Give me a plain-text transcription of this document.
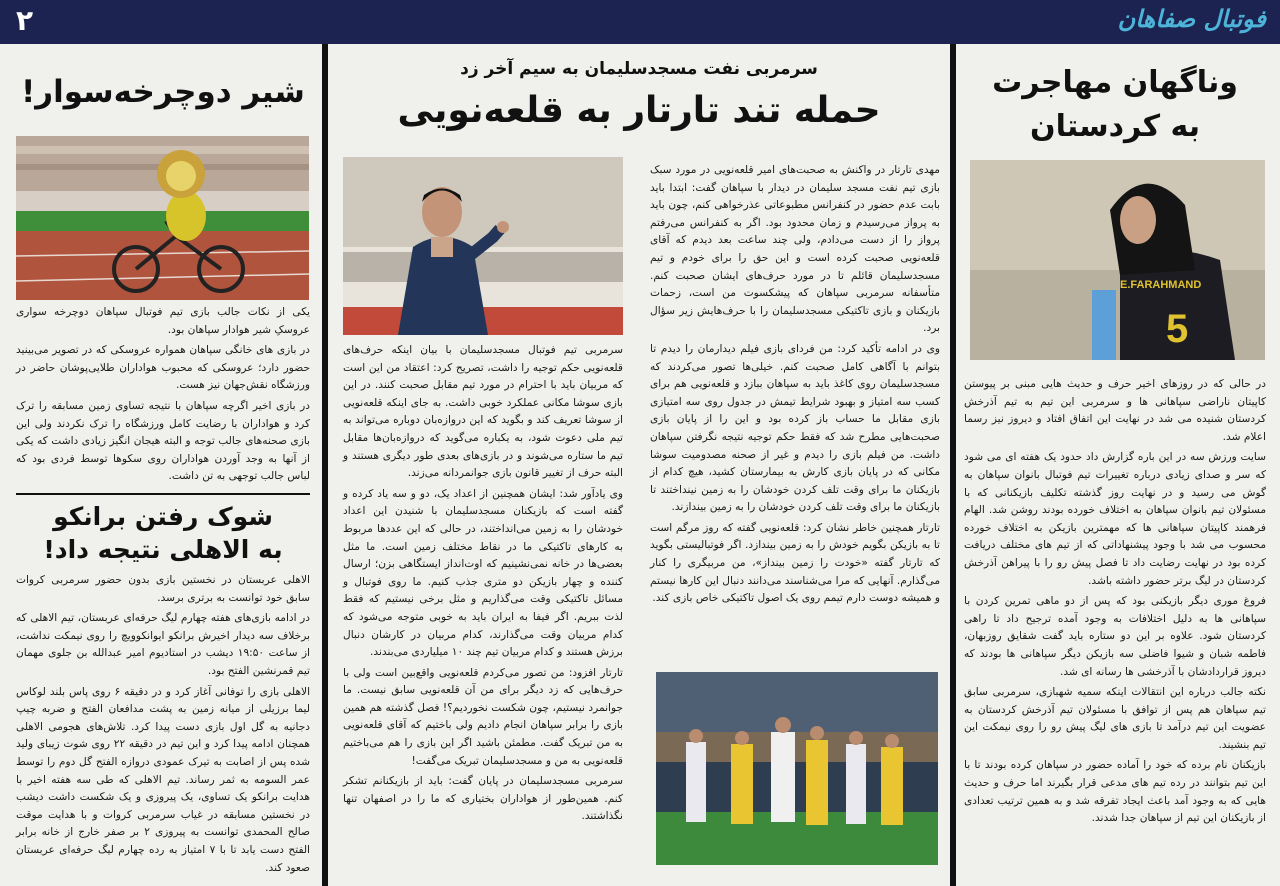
فوتبال صفاهان
۲
شیر دوچرخه‌سوار!

یکی از نکات جالب بازی تیم فوتبال سپاهان دوچرخه سواری عروسکِ شیر هوادار سپاهان بود.

در بازی های خانگی سپاهان همواره عروسکی که در تصویر می‌بینید حضور دارد؛ عروسکی که محبوب هواداران طلایی‌پوشان حاضر در ورزشگاه نقش‌جهان نیز هست.

در بازی اخیر اگرچه سپاهان با نتیجه تساوی زمین مسابقه را ترک کرد و هواداران با رضایت کامل ورزشگاه را ترک نکردند ولی این بازی صحنه‌های جالب توجه و البته هیجان انگیز زیادی داشت که یکی از آنها به وجد آوردن هواداران روی سکوها توسط فردی بود که لباس جالب توجهی به تن داشت.

شوک رفتن برانکو به الاهلی نتیجه داد!

الاهلی عربستان در نخستین بازی بدون حضور سرمربی کروات سابق خود توانست به برتری برسد.

در ادامه بازی‌های هفته چهارم لیگ حرفه‌ای عربستان، تیم الاهلی که برخلاف سه دیدار اخیرش برانکو ایوانکوویچ را روی نیمکت نداشت، از ساعت ۱۹:۵۰ دیشب در استادیوم امیر عبدالله بن جلوی مهمان تیم قمرنشین الفتح بود.

الاهلی بازی را توفانی آغاز کرد و در دقیقه ۶ روی پاس بلند لوکاس لیما برزیلی از میانه زمین به پشت مدافعان الفتح و ضربه چیپ دجانیه به گل اول بازی دست پیدا کرد. تلاش‌های هجومی الاهلی همچنان ادامه پیدا کرد و این تیم در دقیقه ۲۲ روی شوت زیبای ولید شده پس از اصابت به تیرک عمودی دروازه الفتح گل دوم را توسط عمر السومه به ثمر رساند. تیم الاهلی که طی سه هفته اخیر با هدایت برانکو یک تساوی، یک پیروزی و یک شکست داشت دیشب در نخستین مسابقه در غیاب سرمربی کروات و با هدایت موقت صالح المحمدی توانست به پیروزی ۲ بر صفر خارج از خانه برابر الفتح دست یابد تا با ۷ امتیاز به رده چهارم لیگ حرفه‌ای عربستان صعود کند.

سرمربی نفت مسجدسلیمان به سیم آخر زد
حمله تند تارتار به قلعه‌نویی

مهدی تارتار در واکنش به صحبت‌های امیر قلعه‌نویی در مورد سبک بازی تیم نفت مسجد سلیمان در دیدار با سپاهان گفت: ابتدا باید بابت عدم حضور در کنفرانس مطبوعاتی عذرخواهی کنم، چون باید به پرواز می‌رسیدم و زمان محدود بود. اگر به کنفرانس می‌رفتم پرواز را از دست می‌دادم، ولی چند ساعت بعد دیدم که آقای قلعه‌نویی صحبت کرده است و این حق را برای خودم و تیم مسجدسلیمان قائلم تا در مورد حرف‌های ایشان صحبت کنم. متأسفانه سرمربی سپاهان که پیشکسوت من است، زحمات بازیکنان و بازی تاکتیکی مسجدسلیمان را با حرف‌هایش زیر سؤال برد.

وی در ادامه تأکید کرد: من فردای بازی فیلم دیدارمان را دیدم تا بتوانم با آگاهی کامل صحبت کنم. خیلی‌ها تصور می‌کردند که مسجدسلیمان روی کاغذ باید به سپاهان ببازد و قلعه‌نویی هم برای کسب سه امتیاز و بهبود شرایط تیمش در جدول روی سه امتیازی بازی مقابل ما حساب باز کرده بود و این را از پایان بازی صحبت‌هایی مطرح شد که فقط حکم توجیه نتیجه نگرفتن سپاهان داشت. من فیلم بازی را دیدم و غیر از صحنه مصدومیت سوشا مکانی که در پایان بازی کارش به بیمارستان کشید، هیچ کدام از بازیکنان ما برای وقت تلف کردن خودشان را به زمین نینداختند تا بازیکنان ما برای وقت تلف کردن خودشان را به زمین بیندازند.

تارتار همچنین خاطر نشان کرد: قلعه‌نویی گفته که روز مرگم است تا به بازیکن بگویم خودش را به زمین بیندازد. اگر فوتبالیستی بگوید که تارتار گفته «خودت را زمین بینداز»، من مربیگری را کنار می‌گذارم. آنهایی که مرا می‌شناسند می‌دانند دنبال این کارها نیستم و همیشه دوست دارم تیمم روی یک اصول تاکتیکی خاص بازی کند.

سرمربی تیم فوتبال مسجدسلیمان با بیان اینکه حرف‌های قلعه‌نویی حکم توجیه را داشت، تصریح کرد: اعتقاد من این است که مربیان باید با احترام در مورد تیم مقابل صحبت کنند. در این بازی سوشا مکانی عملکرد خوبی داشت. به جای اینکه قلعه‌نویی از سوشا تعریف کند و بگوید که این دروازه‌بان دوباره می‌تواند به تیم ملی دعوت شود، به یکباره می‌گوید که دروازه‌بان‌ها مقابل تیم ما ستاره می‌شوند و در بازی‌های بعدی طور دیگری هستند و البته حرف از تغییر قانون بازی جوانمردانه می‌زند.

وی یادآور شد: ایشان همچنین از اعداد یک، دو و سه یاد کرده و گفته است که بازیکنان مسجدسلیمان با شنیدن این اعداد خودشان را به زمین می‌انداختند، در حالی که این عددها مربوط به کارهای تاکتیکی ما در نقاط مختلف زمین است. ما مثل بعضی‌ها در خانه نمی‌نشینیم که اوت‌انداز ایستگاهی بزن؛ ارسال کننده و چهار بازیکن دو متری جذب کنیم. ما روی فوتبال و مسائل تاکتیکی وقت می‌گذاریم و مثل برخی نیستیم که فقط لذت ببریم. اگر فیفا به ایران باید به خوبی متوجه می‌شود که کدام مربیان وقت می‌گذارند، کدام مربیان در کارشان دنبال برزش هستند و کدام مربیان تیم چند ۱۰ میلیاردی می‌بندند.

تارتار افزود: من تصور می‌کردم قلعه‌نویی واقع‌بین است ولی با حرف‌هایی که زد دیگر برای من آن قلعه‌نویی سابق نیست. ما جوانمرد نیستیم، چون شکست نخوردیم؟! فصل گذشته هم همین بازی را برابر سپاهان انجام دادیم ولی باختیم که آقای قلعه‌نویی به من تبریک گفت. مطمئن باشید اگر این بازی را هم می‌باختیم قلعه‌نویی به من و مسجدسلیمان تبریک می‌گفت!

سرمربی مسجدسلیمان در پایان گفت: باید از بازیکنانم تشکر کنم. همین‌طور از هواداران بختیاری که ما را در اصفهان تنها نگذاشتند.

وناگهان مهاجرت
به کردستان
E.FARAHMAND
5

در حالی که در روزهای اخیر حرف و حدیث هایی مبنی بر پیوستن کاپیتان ناراضی سپاهانی ها و سرمربی این تیم به تیم آذرخش کردستان شنیده می شد در نهایت این اتفاق افتاد و دیروز نیز رسما اعلام شد.

سایت ورزش سه در این باره گزارش داد حدود یک هفته ای می شود که سر و صدای زیادی درباره تغییرات تیم فوتبال بانوان سپاهان به گوش می رسید و در نهایت روز گذشته تکلیف بازیکنانی که با مسئولان تیم بانوان سپاهان به اختلاف خورده بودند روشن شد. الهام فرهمند کاپیتان سپاهانی ها که مهمترین بازیکن به اختلاف خورده محسوب می شد با وجود پیشنهاداتی که از تیم های مختلف دریافت کرده بود در نهایت رضایت داد تا فصل پیش رو را با پیراهن آذرخش کردستان در لیگ برتر حضور داشته باشد.

فروغ موری دیگر بازیکنی بود که پس از دو ماهی تمرین کردن با سپاهانی ها به دلیل اختلافات به وجود آمده ترجیح داد تا راهی کردستان شود. علاوه بر این دو ستاره باید گفت شقایق روزبهان، فاطمه شبان و شیوا فاضلی سه بازیکن دیگر سپاهانی ها بودند که دیروز قراردادشان با آذرخشی ها رسانه ای شد.

نکته جالب درباره این انتقالات اینکه سمیه شهبازی، سرمربی سابق تیم سپاهان هم پس از توافق با مسئولان تیم آذرخش کردستان به عضویت این تیم درآمد تا بازی های لیگ پیش رو را روی نیمکت این تیم بنشیند.

بازیکنان نام برده که خود را آماده حضور در سپاهان کرده بودند تا با این تیم بتوانند در رده تیم های مدعی قرار بگیرند اما حرف و حدیث هایی که به وجود آمد باعث ایجاد تفرقه شد و به همین ترتیب تعدادی از بازیکنان این تیم از سپاهان جدا شدند.
